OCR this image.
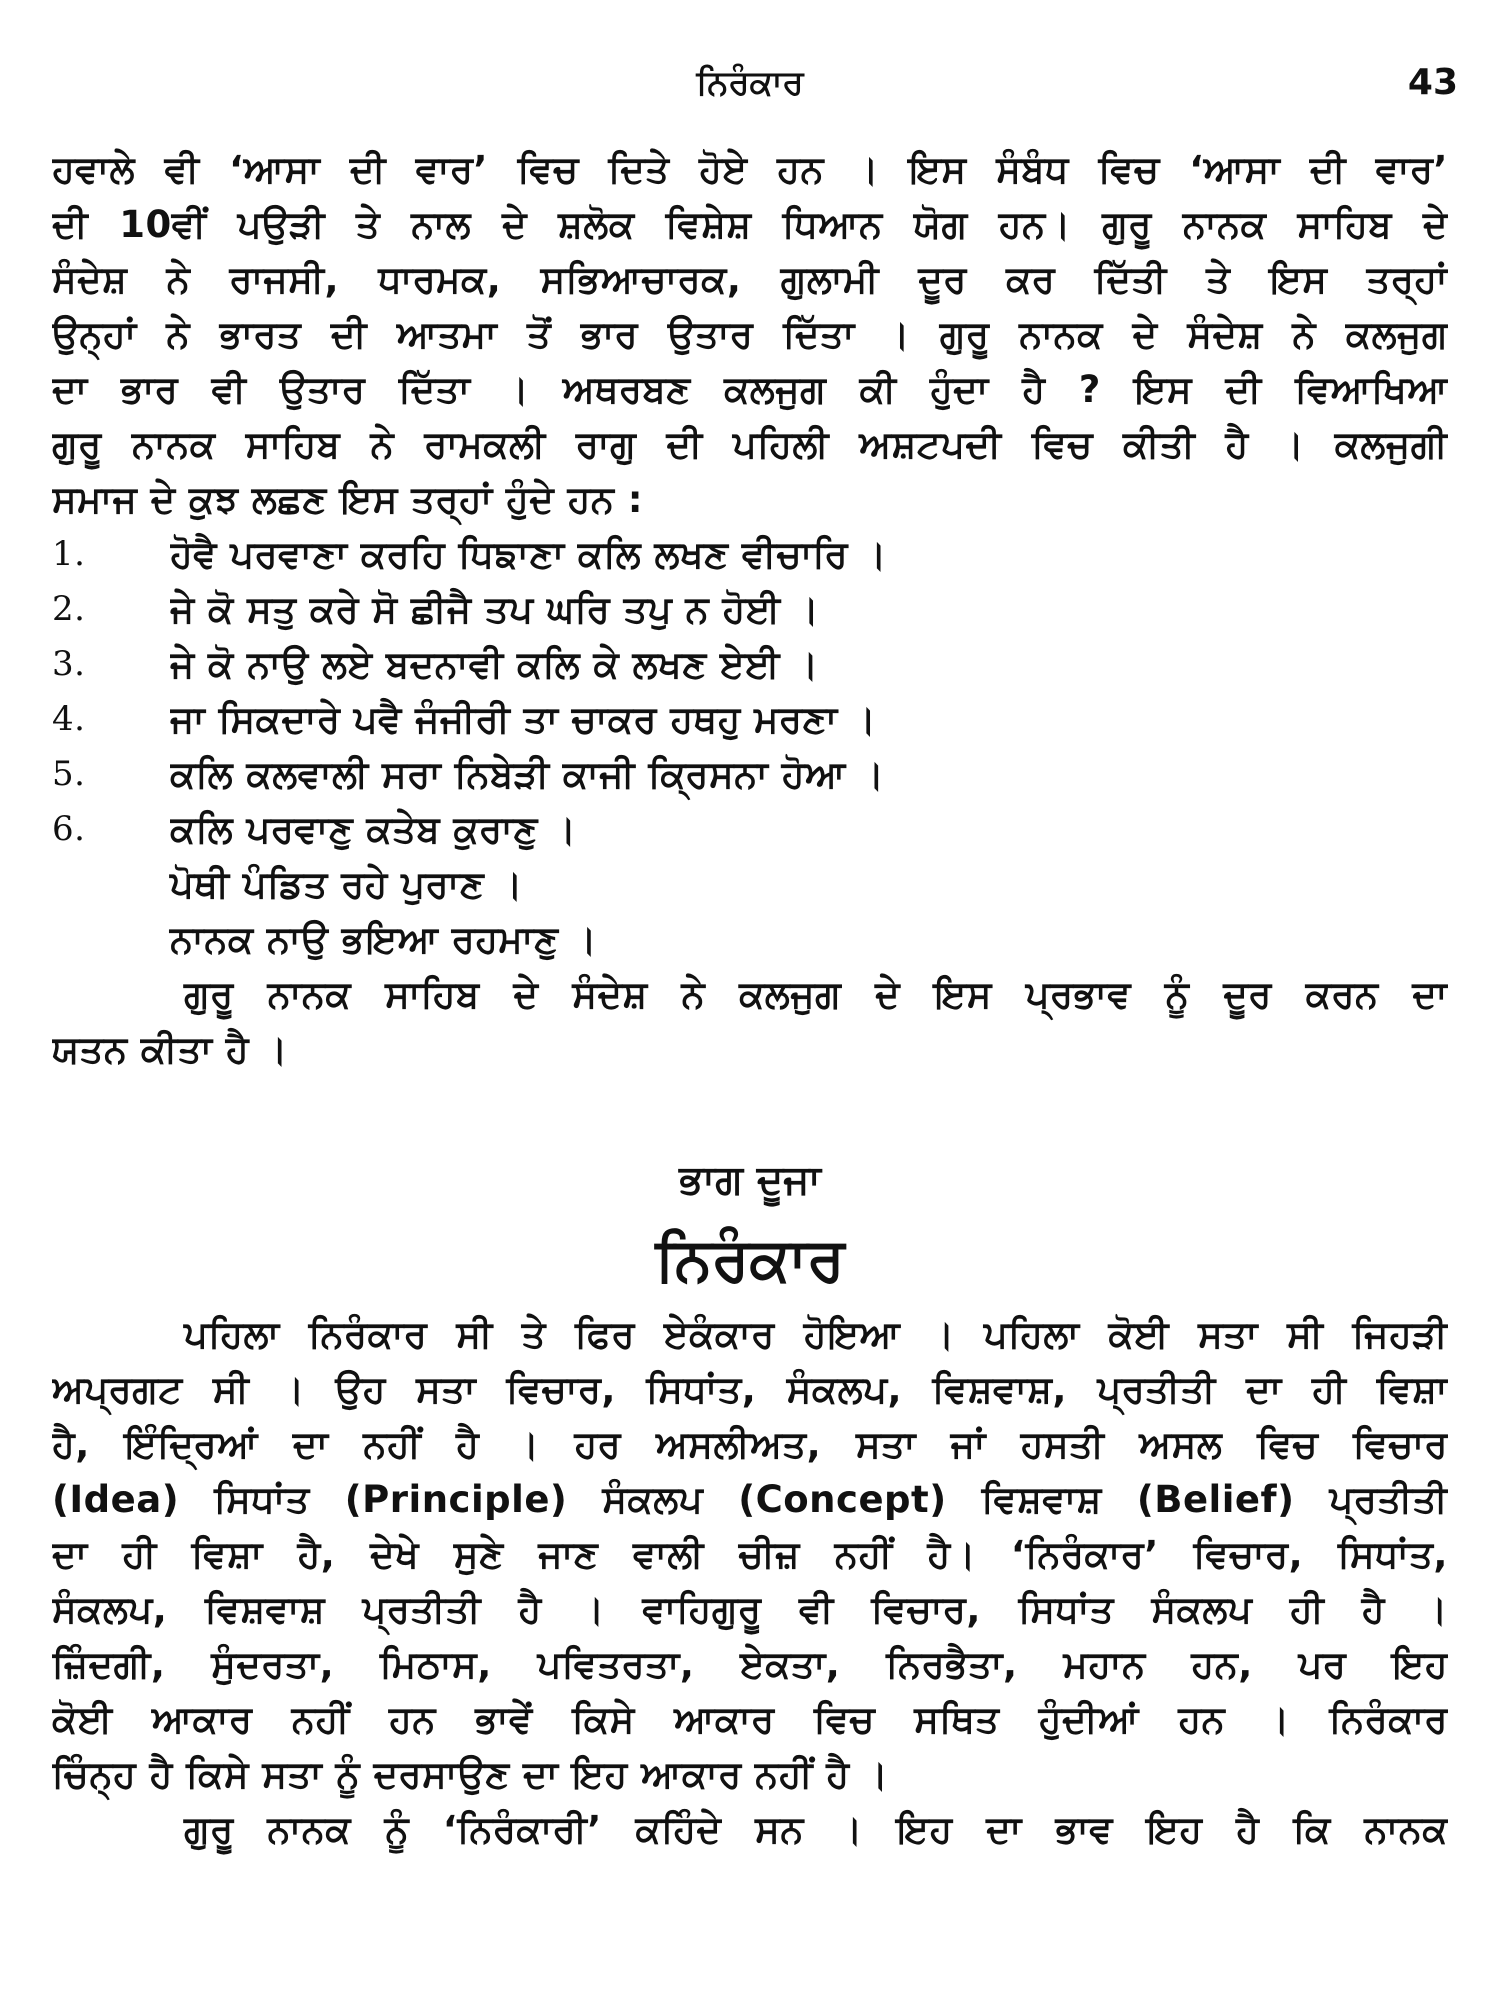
ਨਿਰੰਕਾਰ	43
ਹਵਾਲੇ ਵੀ ‘ਆਸਾ ਦੀ ਵਾਰ’ ਵਿਚ ਦਿਤੇ ਹੋਏ ਹਨ । ਇਸ ਸੰਬੰਧ ਵਿਚ ‘ਆਸਾ ਦੀ ਵਾਰ’
ਦੀ 10ਵੀਂ ਪਉੜੀ ਤੇ ਨਾਲ ਦੇ ਸ਼ਲੋਕ ਵਿਸ਼ੇਸ਼ ਧਿਆਨ ਯੋਗ ਹਨ। ਗੁਰੂ ਨਾਨਕ ਸਾਹਿਬ ਦੇ
ਸੰਦੇਸ਼ ਨੇ ਰਾਜਸੀ, ਧਾਰਮਕ, ਸਭਿਆਚਾਰਕ, ਗੁਲਾਮੀ ਦੂਰ ਕਰ ਦਿੱਤੀ ਤੇ ਇਸ ਤਰ੍ਹਾਂ
ਉਨ੍ਹਾਂ ਨੇ ਭਾਰਤ ਦੀ ਆਤਮਾ ਤੋਂ ਭਾਰ ਉਤਾਰ ਦਿੱਤਾ । ਗੁਰੂ ਨਾਨਕ ਦੇ ਸੰਦੇਸ਼ ਨੇ ਕਲਜੁਗ
ਦਾ ਭਾਰ ਵੀ ਉਤਾਰ ਦਿੱਤਾ । ਅਥਰਬਣ ਕਲਜੁਗ ਕੀ ਹੁੰਦਾ ਹੈ ? ਇਸ ਦੀ ਵਿਆਖਿਆ
ਗੁਰੂ ਨਾਨਕ ਸਾਹਿਬ ਨੇ ਰਾਮਕਲੀ ਰਾਗੁ ਦੀ ਪਹਿਲੀ ਅਸ਼ਟਪਦੀ ਵਿਚ ਕੀਤੀ ਹੈ । ਕਲਜੁਗੀ
ਸਮਾਜ ਦੇ ਕੁਝ ਲਛਣ ਇਸ ਤਰ੍ਹਾਂ ਹੁੰਦੇ ਹਨ :
1.	ਹੋਵੈ ਪਰਵਾਣਾ ਕਰਹਿ ਧਿਙਾਣਾ ਕਲਿ ਲਖਣ ਵੀਚਾਰਿ ।
2.	ਜੇ ਕੋ ਸਤੁ ਕਰੇ ਸੋ ਛੀਜੈ ਤਪ ਘਰਿ ਤਪੁ ਨ ਹੋਈ ।
3.	ਜੇ ਕੋ ਨਾਉ ਲਏ ਬਦਨਾਵੀ ਕਲਿ ਕੇ ਲਖਣ ਏਈ ।
4.	ਜਾ ਸਿਕਦਾਰੇ ਪਵੈ ਜੰਜੀਰੀ ਤਾ ਚਾਕਰ ਹਥਹੁ ਮਰਣਾ ।
5.	ਕਲਿ ਕਲਵਾਲੀ ਸਰਾ ਨਿਬੇੜੀ ਕਾਜੀ ਕ੍ਰਿਸਨਾ ਹੋਆ ।
6.	ਕਲਿ ਪਰਵਾਣੁ ਕਤੇਬ ਕੁਰਾਣੁ ।
ਪੋਥੀ ਪੰਡਿਤ ਰਹੇ ਪੁਰਾਣ ।
ਨਾਨਕ ਨਾਉ ਭਇਆ ਰਹਮਾਣੁ ।
ਗੁਰੂ ਨਾਨਕ ਸਾਹਿਬ ਦੇ ਸੰਦੇਸ਼ ਨੇ ਕਲਜੁਗ ਦੇ ਇਸ ਪ੍ਰਭਾਵ ਨੂੰ ਦੂਰ ਕਰਨ ਦਾ
ਯਤਨ ਕੀਤਾ ਹੈ ।
ਭਾਗ ਦੂਜਾ
ਨਿਰੰਕਾਰ
ਪਹਿਲਾ ਨਿਰੰਕਾਰ ਸੀ ਤੇ ਫਿਰ ਏਕੰਕਾਰ ਹੋਇਆ । ਪਹਿਲਾ ਕੋਈ ਸਤਾ ਸੀ ਜਿਹੜੀ
ਅਪ੍ਰਗਟ ਸੀ । ਉਹ ਸਤਾ ਵਿਚਾਰ, ਸਿਧਾਂਤ, ਸੰਕਲਪ, ਵਿਸ਼ਵਾਸ਼, ਪ੍ਰਤੀਤੀ ਦਾ ਹੀ ਵਿਸ਼ਾ
ਹੈ, ਇੰਦ੍ਰਿਆਂ ਦਾ ਨਹੀਂ ਹੈ । ਹਰ ਅਸਲੀਅਤ, ਸਤਾ ਜਾਂ ਹਸਤੀ ਅਸਲ ਵਿਚ ਵਿਚਾਰ
(Idea) ਸਿਧਾਂਤ (Principle) ਸੰਕਲਪ (Concept) ਵਿਸ਼ਵਾਸ਼ (Belief) ਪ੍ਰਤੀਤੀ
ਦਾ ਹੀ ਵਿਸ਼ਾ ਹੈ, ਦੇਖੇ ਸੁਣੇ ਜਾਣ ਵਾਲੀ ਚੀਜ਼ ਨਹੀਂ ਹੈ। ‘ਨਿਰੰਕਾਰ’ ਵਿਚਾਰ, ਸਿਧਾਂਤ,
ਸੰਕਲਪ, ਵਿਸ਼ਵਾਸ਼ ਪ੍ਰਤੀਤੀ ਹੈ । ਵਾਹਿਗੁਰੂ ਵੀ ਵਿਚਾਰ, ਸਿਧਾਂਤ ਸੰਕਲਪ ਹੀ ਹੈ ।
ਜ਼ਿੰਦਗੀ, ਸੁੰਦਰਤਾ, ਮਿਠਾਸ, ਪਵਿਤਰਤਾ, ਏਕਤਾ, ਨਿਰਭੈਤਾ, ਮਹਾਨ ਹਨ, ਪਰ ਇਹ
ਕੋਈ ਆਕਾਰ ਨਹੀਂ ਹਨ ਭਾਵੇਂ ਕਿਸੇ ਆਕਾਰ ਵਿਚ ਸਥਿਤ ਹੁੰਦੀਆਂ ਹਨ । ਨਿਰੰਕਾਰ
ਚਿੰਨ੍ਹ ਹੈ ਕਿਸੇ ਸਤਾ ਨੂੰ ਦਰਸਾਉਣ ਦਾ ਇਹ ਆਕਾਰ ਨਹੀਂ ਹੈ ।
ਗੁਰੂ ਨਾਨਕ ਨੂੰ ‘ਨਿਰੰਕਾਰੀ’ ਕਹਿੰਦੇ ਸਨ । ਇਹ ਦਾ ਭਾਵ ਇਹ ਹੈ ਕਿ ਨਾਨਕ
